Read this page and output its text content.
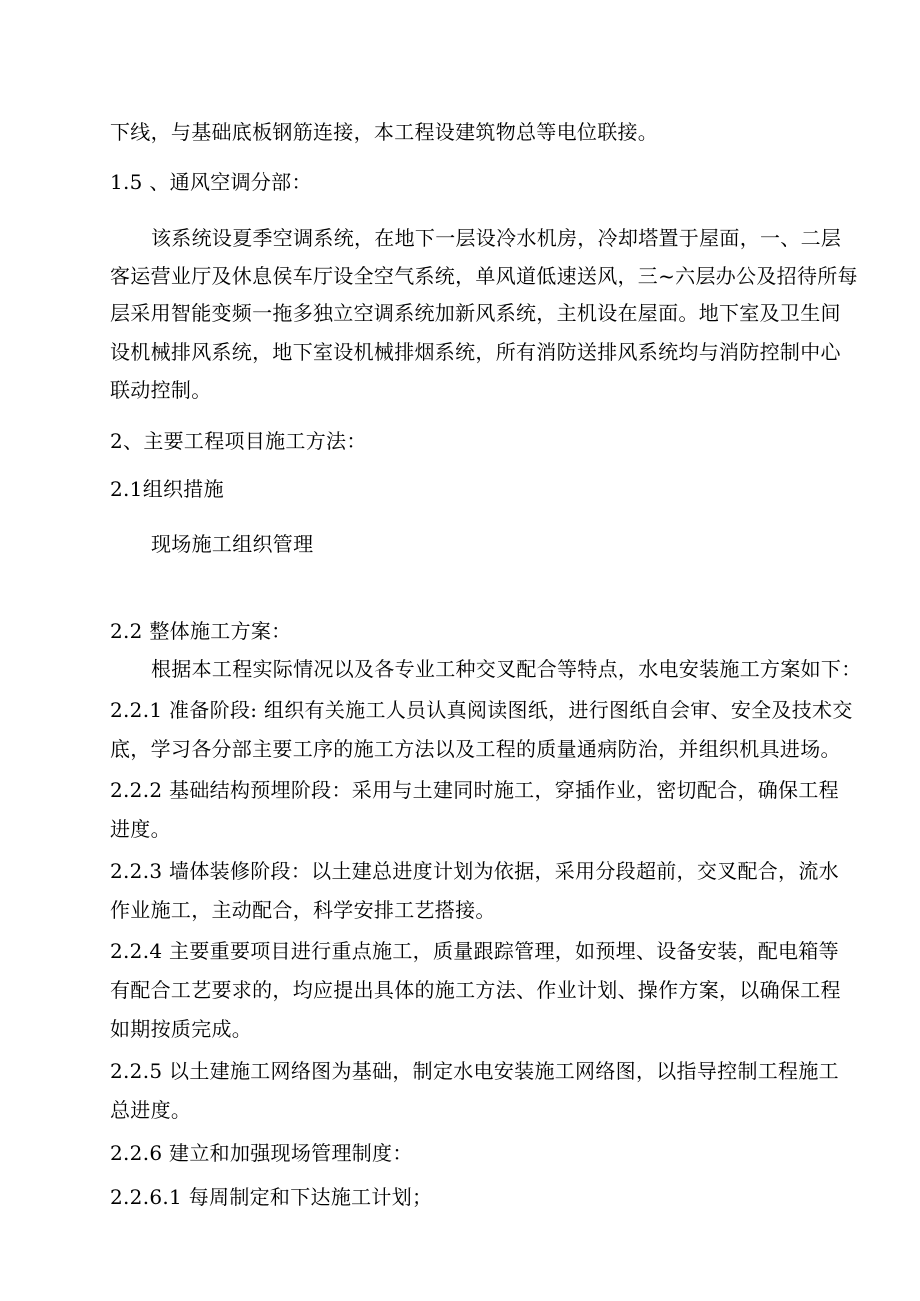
下线，与基础底板钢筋连接，本工程设建筑物总等电位联接。
1.5 、通风空调分部：
该系统设夏季空调系统，在地下一层设冷水机房，冷却塔置于屋面，一、二层
客运营业厅及休息侯车厅设全空气系统，单风道低速送风，三~六层办公及招待所每
层采用智能变频一拖多独立空调系统加新风系统，主机设在屋面。地下室及卫生间
设机械排风系统，地下室设机械排烟系统，所有消防送排风系统均与消防控制中心
联动控制。
2、主要工程项目施工方法：
2.1组织措施
现场施工组织管理
2.2 整体施工方案：
根据本工程实际情况以及各专业工种交叉配合等特点，水电安装施工方案如下：
2.2.1 准备阶段: 组织有关施工人员认真阅读图纸，进行图纸自会审、安全及技术交
底，学习各分部主要工序的施工方法以及工程的质量通病防治，并组织机具进场。
2.2.2 基础结构预埋阶段：采用与土建同时施工，穿插作业，密切配合，确保工程
进度。
2.2.3 墙体装修阶段：以土建总进度计划为依据，采用分段超前，交叉配合，流水
作业施工，主动配合，科学安排工艺搭接。
2.2.4 主要重要项目进行重点施工，质量跟踪管理，如预埋、设备安装，配电箱等
有配合工艺要求的，均应提出具体的施工方法、作业计划、操作方案，以确保工程
如期按质完成。
2.2.5 以土建施工网络图为基础，制定水电安装施工网络图，以指导控制工程施工
总进度。
2.2.6 建立和加强现场管理制度：
2.2.6.1 每周制定和下达施工计划；
